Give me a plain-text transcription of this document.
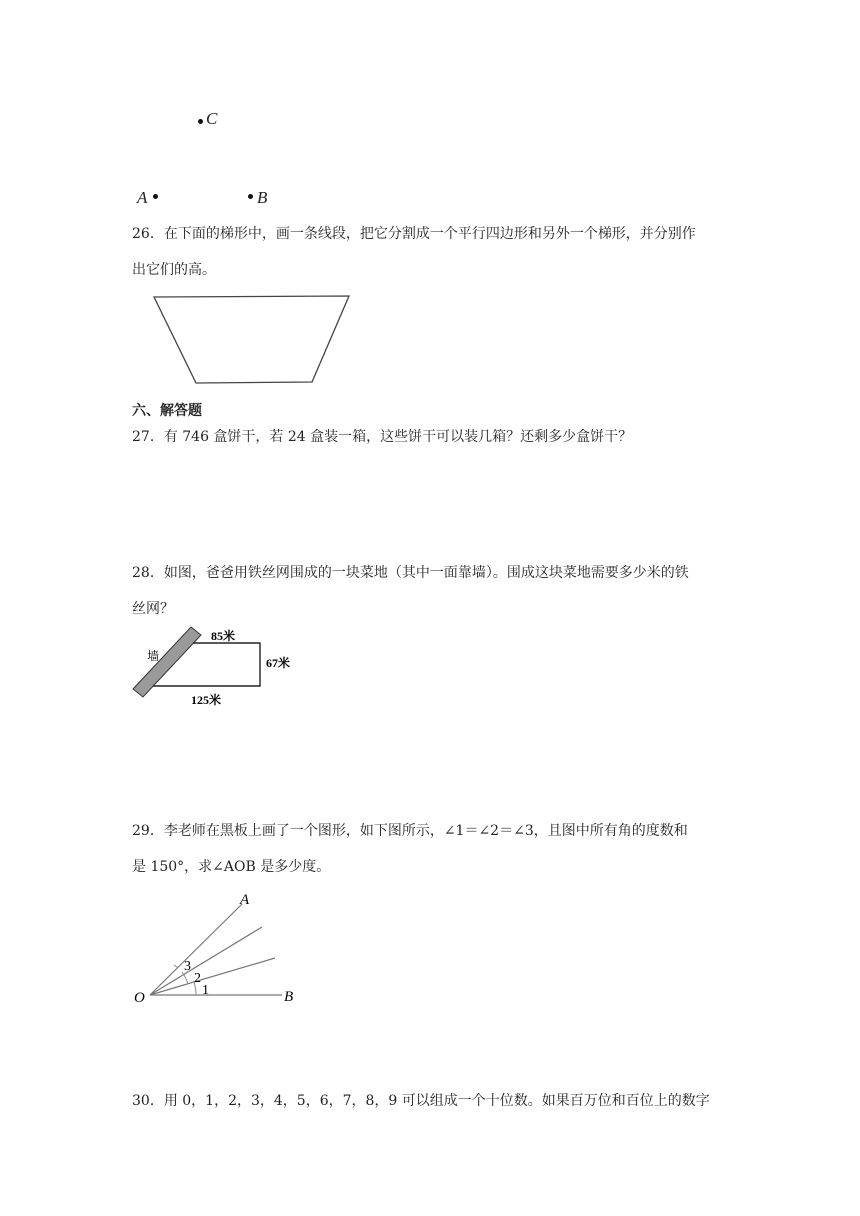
C
A	B
26．在下面的梯形中，画一条线段，把它分割成一个平行四边形和另外一个梯形，并分别作
出它们的高。
六、解答题
27．有 746 盒饼干，若 24 盒装一箱，这些饼干可以装几箱？还剩多少盒饼干？
28．如图，爸爸用铁丝网围成的一块菜地（其中一面靠墙）。围成这块菜地需要多少米的铁
丝网？
墙
85米
67米
125米
29．李老师在黑板上画了一个图形，如下图所示，∠1＝∠2＝∠3，且图中所有角的度数和
是 150°，求∠AOB 是多少度。
A
O	B
1
2
3
30．用 0，1，2，3，4，5，6，7，8，9 可以组成一个十位数。如果百万位和百位上的数字
